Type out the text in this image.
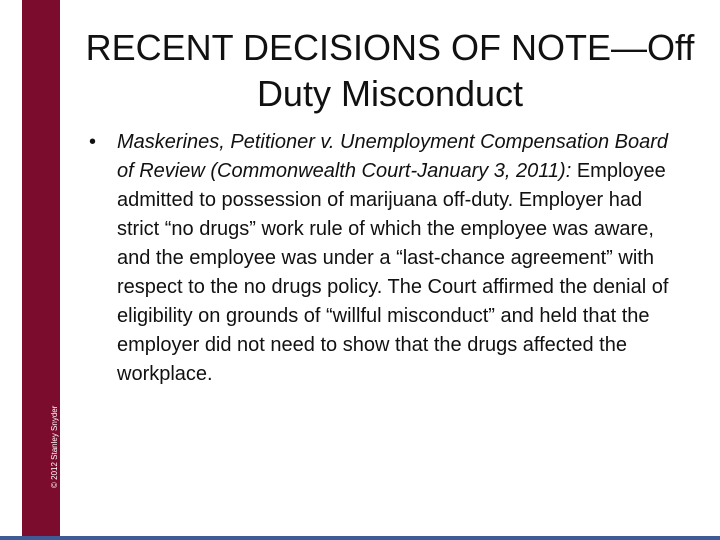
© 2012 Stanley Snyder
RECENT DECISIONS OF NOTE—Off
Duty Misconduct
•	Maskerines, Petitioner v. Unemployment Compensation Board of Review (Commonwealth Court-January 3, 2011): Employee admitted to possession of marijuana off-duty. Employer had strict “no drugs” work rule of which the employee was aware, and the employee was under a “last-chance agreement” with respect to the no drugs policy. The Court affirmed the denial of eligibility on grounds of “willful misconduct” and held that the employer did not need to show that the drugs affected the workplace.
